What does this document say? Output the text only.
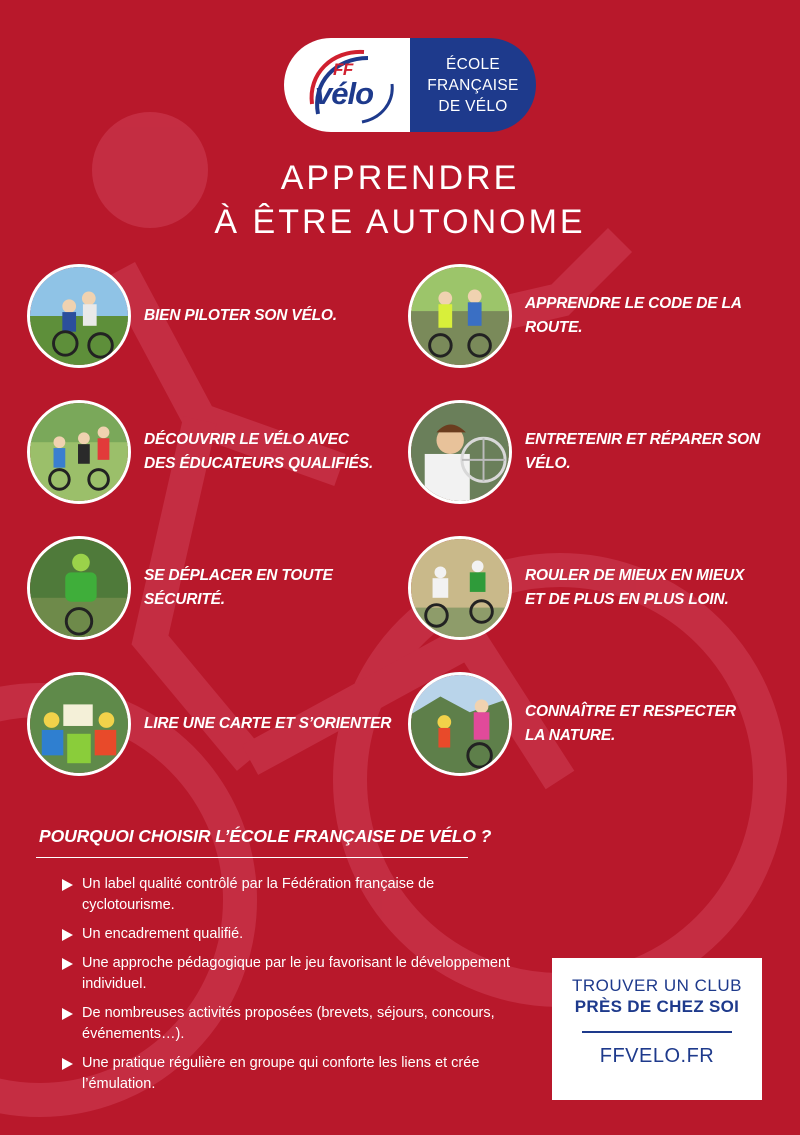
FF
vélo
ÉCOLE
FRANÇAISE
DE VÉLO
APPRENDRE
À ÊTRE AUTONOME
BIEN PILOTER SON VÉLO.
APPRENDRE LE CODE DE LA ROUTE.
DÉCOUVRIR LE VÉLO AVEC DES ÉDUCATEURS QUALIFIÉS.
ENTRETENIR ET RÉPARER SON VÉLO.
SE DÉPLACER EN TOUTE SÉCURITÉ.
ROULER DE MIEUX EN MIEUX ET DE PLUS EN PLUS LOIN.
LIRE UNE CARTE ET S’ORIENTER
CONNAÎTRE ET RESPECTER LA NATURE.
POURQUOI CHOISIR L’ÉCOLE FRANÇAISE DE VÉLO ?
Un label qualité contrôlé par la Fédération française de cyclotourisme.
Un encadrement qualifié.
Une approche pédagogique par le jeu favorisant le développement individuel.
De nombreuses activités proposées (brevets, séjours, concours, événements…).
Une pratique régulière en groupe qui conforte les liens et crée l’émulation.
TROUVER UN CLUB
PRÈS DE CHEZ SOI
FFVELO.FR
